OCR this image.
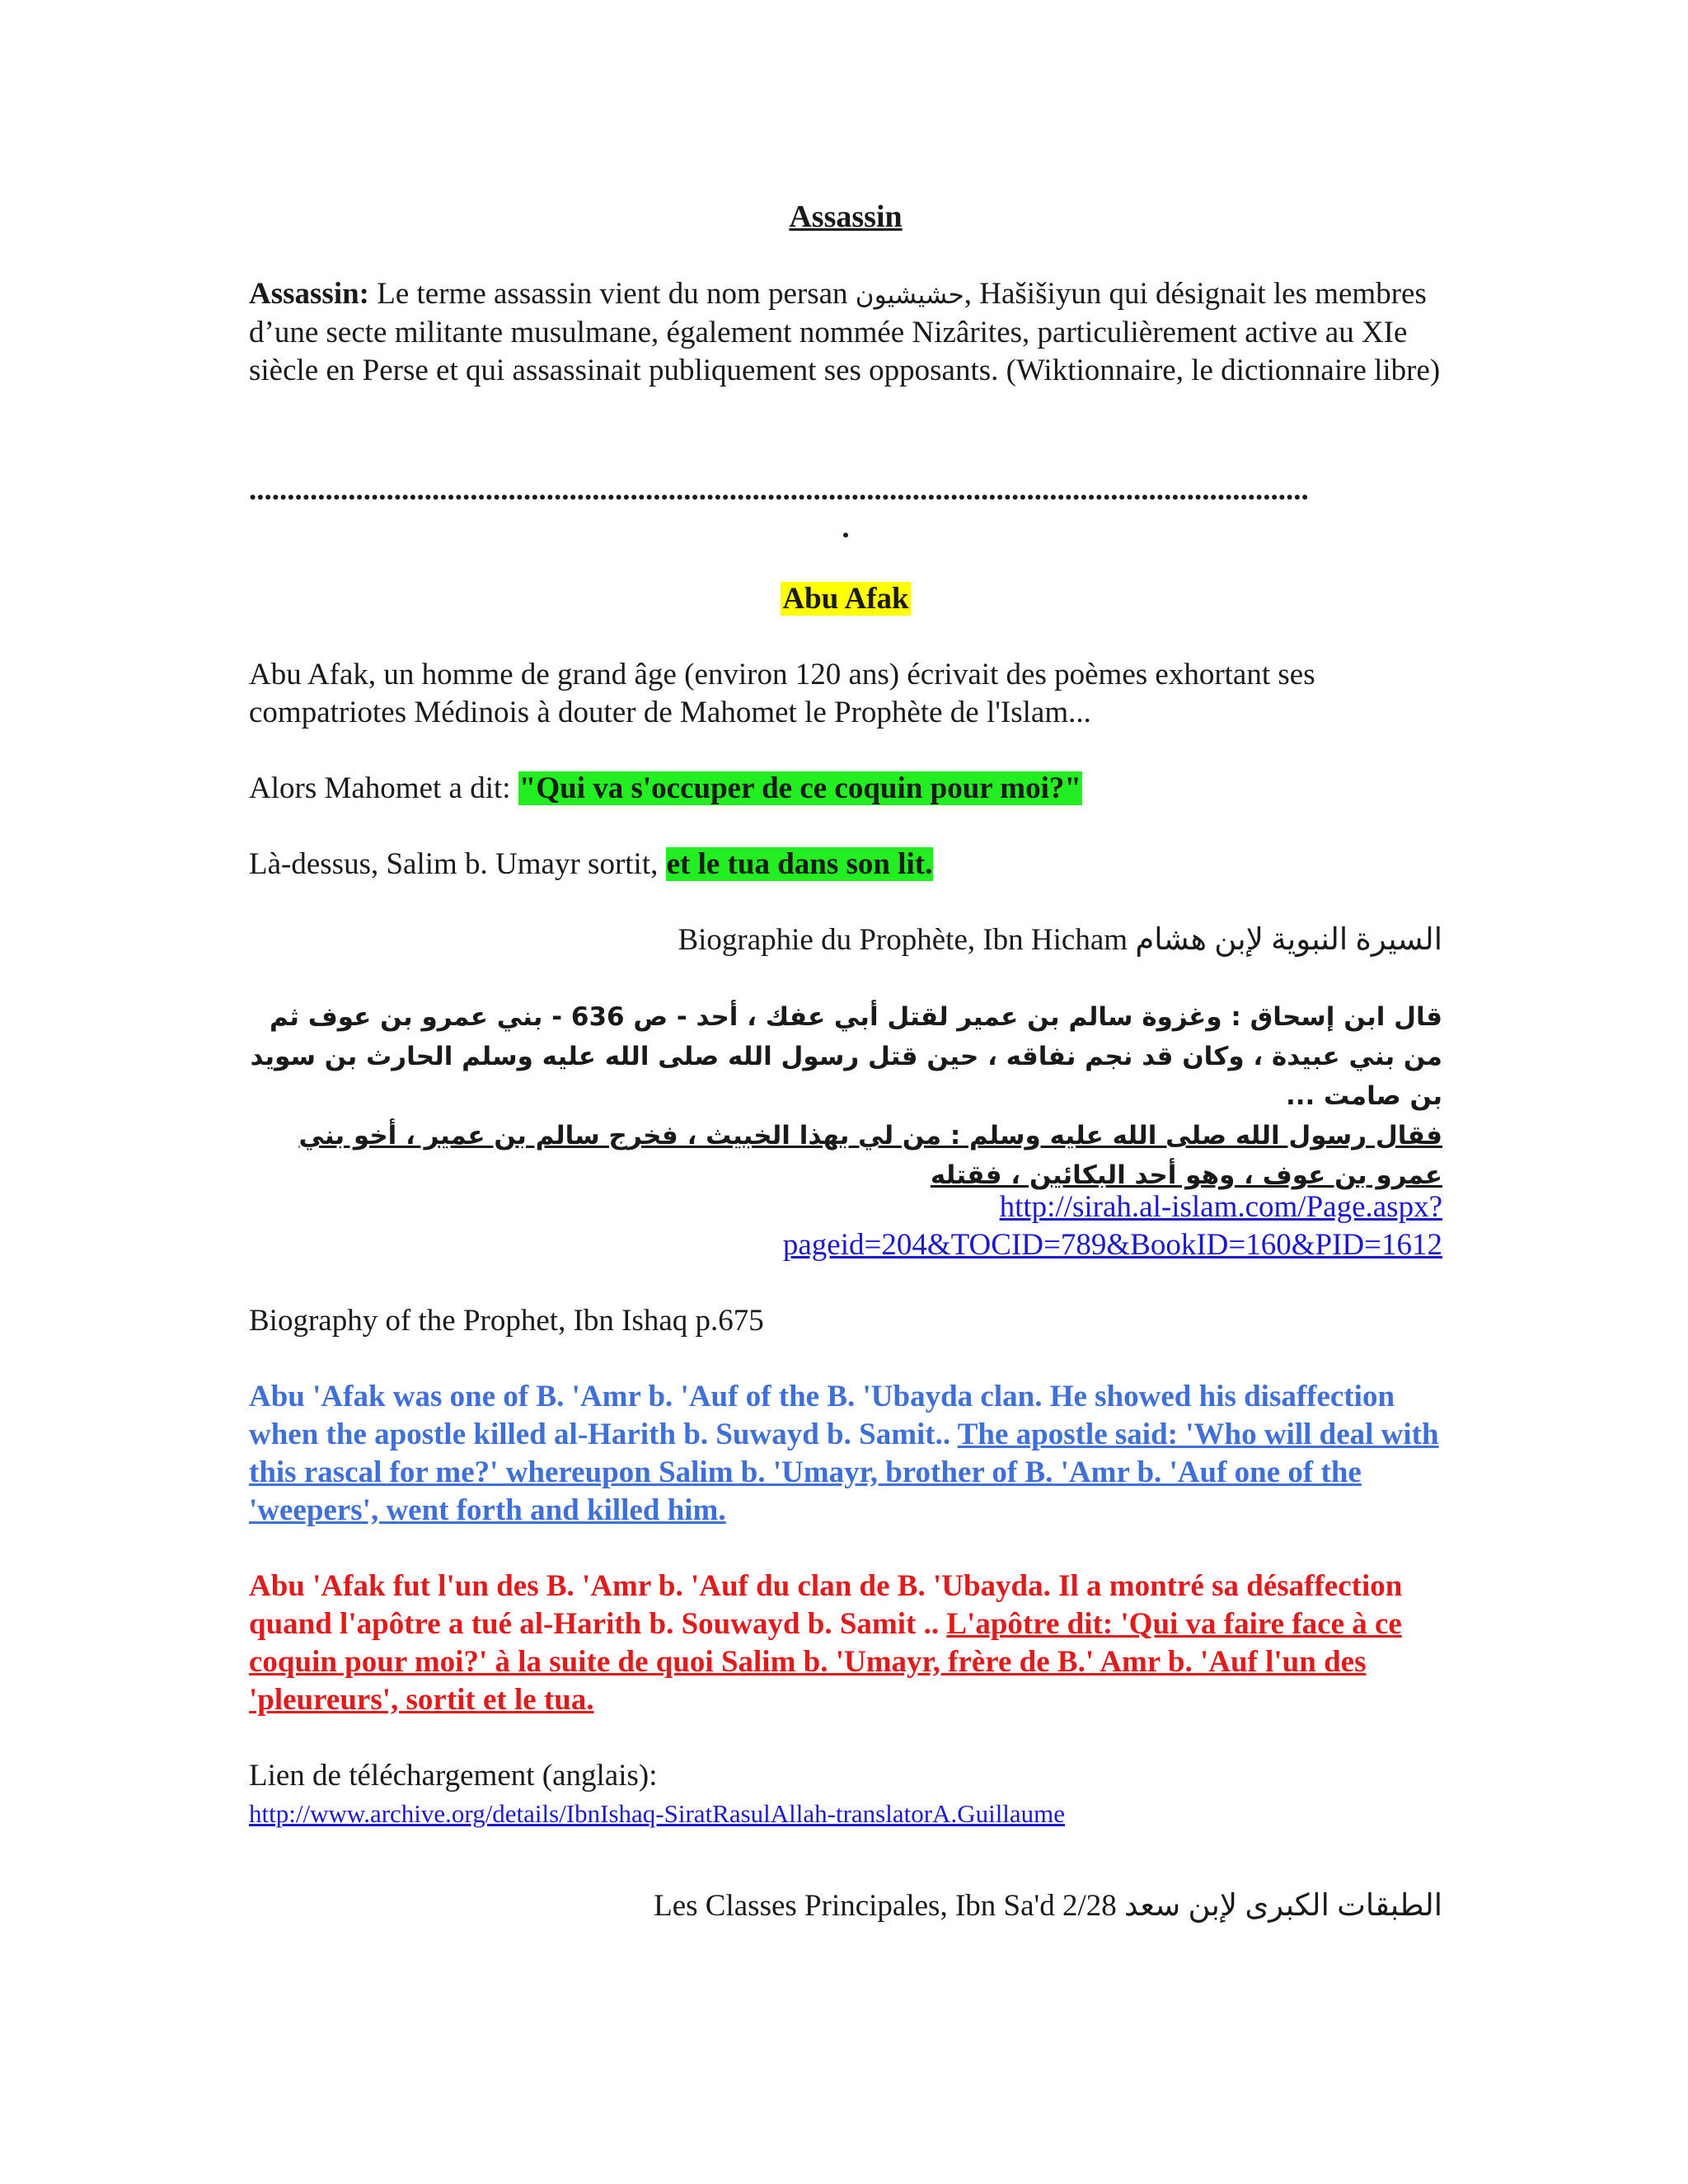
Assassin
Assassin: Le terme assassin vient du nom persan حشيشيون, Hašišiyun qui désignait les membres d’une secte militante musulmane, également nommée Nizârites, particulièrement active au XIe siècle en Perse et qui assassinait publiquement ses opposants. (Wiktionnaire, le dictionnaire libre)
...........................................................................................................................................
.
Abu Afak
Abu Afak, un homme de grand âge (environ 120 ans) écrivait des poèmes exhortant ses compatriotes Médinois à douter de Mahomet le Prophète de l'Islam...
Alors Mahomet a dit: "Qui va s'occuper de ce coquin pour moi?"
Là-dessus, Salim b. Umayr sortit, et le tua dans son lit.
Biographie du Prophète, Ibn Hicham السيرة النبوية لإبن هشام
قال ابن إسحاق : وغزوة سالم بن عمير لقتل أبي عفك ، أحد - ص 636 - بني عمرو بن عوف ثم من بني عبيدة ، وكان قد نجم نفاقه ، حين قتل رسول الله صلى الله عليه وسلم الحارث بن سويد بن صامت ...
فقال رسول الله صلى الله عليه وسلم : من لي بهذا الخبيث ، فخرج سالم بن عمير ، أخو بني عمرو بن عوف ، وهو أحد البكائين ، فقتله
http://sirah.al-islam.com/Page.aspx?
pageid=204&TOCID=789&BookID=160&PID=1612
Biography of the Prophet, Ibn Ishaq p.675
Abu 'Afak was one of B. 'Amr b. 'Auf of the B. 'Ubayda clan. He showed his disaffection when the apostle killed al-Harith b. Suwayd b. Samit.. The apostle said: 'Who will deal with this rascal for me?' whereupon Salim b. 'Umayr, brother of B. 'Amr b. 'Auf one of the 'weepers', went forth and killed him.
Abu 'Afak fut l'un des B. 'Amr b. 'Auf du clan de B. 'Ubayda. Il a montré sa désaffection quand l'apôtre a tué al-Harith b. Souwayd b. Samit .. L'apôtre dit: 'Qui va faire face à ce coquin pour moi?' à la suite de quoi Salim b. 'Umayr, frère de B.' Amr b. 'Auf l'un des 'pleureurs', sortit et le tua.
Lien de téléchargement (anglais):
http://www.archive.org/details/IbnIshaq-SiratRasulAllah-translatorA.Guillaume
Les Classes Principales, Ibn Sa'd 2/28 الطبقات الكبرى لإبن سعد
